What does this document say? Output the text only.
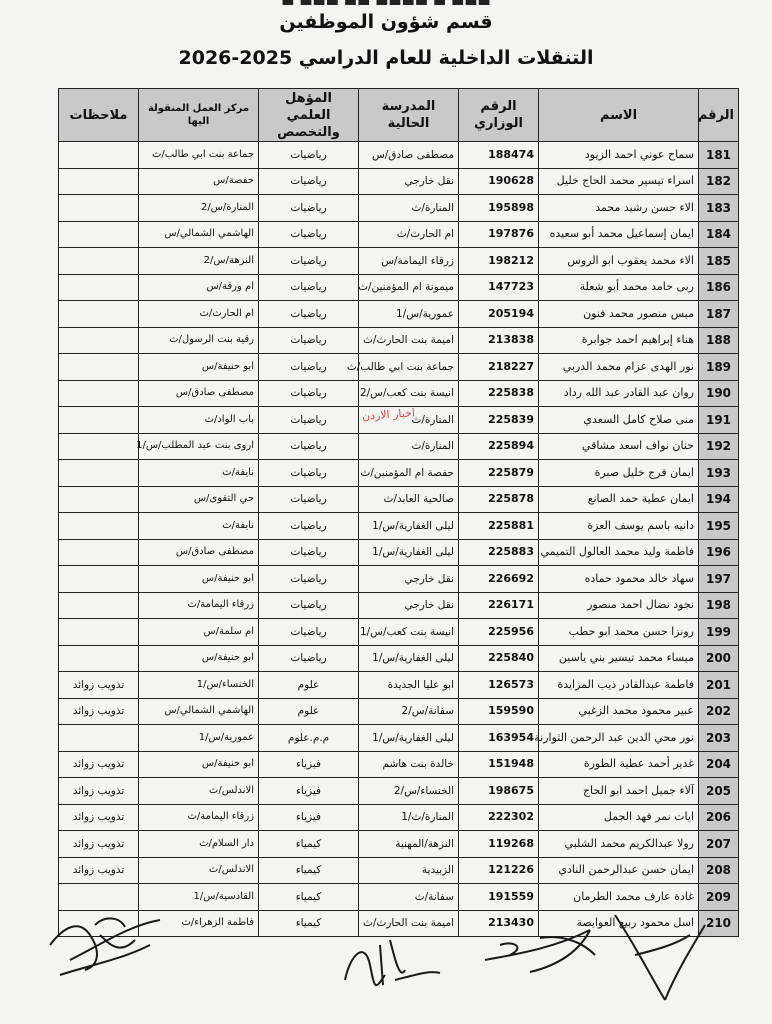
▬ ▬▬▬ ▬▬ ▬▬▬▬ ▬ ▬▬▬
قسم شؤون الموظفين
التنقلات الداخلية للعام الدراسي 2025-2026
الرقم	الاسم	الرقم الوزاري	المدرسة الحالية	المؤهل العلمي والتخصص	مركز العمل المنقولة اليها	ملاحظات
181	سماح عوني احمد الزيود	188474	مصطفى صادق/س	رياضيات	جماعة بنت ابي طالب/ث	
182	اسراء تيسير محمد الحاج خليل	190628	نقل خارجي	رياضيات	حفصة/س	
183	الاء حسن رشيد محمد	195898	المنارة/ث	رياضيات	المنارة/س/2	
184	ايمان إسماعيل محمد أبو سعيده	197876	ام الحارث/ث	رياضيات	الهاشمي الشمالي/س	
185	الاء محمد يعقوب ابو الروس	198212	زرقاء اليمامة/س	رياضيات	النزهة/س/2	
186	ربى حامد محمد أبو شعلة	147723	ميمونة ام المؤمنين/ث	رياضيات	ام ورقة/س	
187	ميس منصور محمد فنون	205194	عمورية/س/1	رياضيات	ام الحارث/ث	
188	هناء إبراهيم احمد جوابرة	213838	اميمة بنت الحارث/ث	رياضيات	رقية بنت الرسول/ث	
189	نور الهدى عزام محمد الدربي	218227	جماعة بنت ابي طالب/ث	رياضيات	ابو حنيفة/س	
190	روان عبد القادر عبد الله رداد	225838	انيسة بنت كعب/س/2	رياضيات	مصطفى صادق/س	
191	منى صلاح كامل السعدي	225839	المنارة/ث	رياضيات	باب الواد/ث	
192	حنان نواف اسعد مشاقي	225894	المنارة/ث	رياضيات	اروى بنت عبد المطلب/س/1	
193	ايمان فرج خليل صبرة	225879	حفصة ام المؤمنين/ث	رياضيات	نايفة/ث	
194	ايمان عطية حمد الصانع	225878	صالحية العابد/ث	رياضيات	حي التقوى/س	
195	دانيه باسم يوسف العزة	225881	ليلى الغفارية/س/1	رياضيات	نايفة/ث	
196	فاطمة وليد محمد العالول التميمي	225883	ليلى الغفارية/س/1	رياضيات	مصطفى صادق/س	
197	سهاد خالد محمود حماده	226692	نقل خارجي	رياضيات	ابو حنيفة/س	
198	نجود نضال احمد منصور	226171	نقل خارجي	رياضيات	زرقاء اليمامة/ث	
199	رونزا حسن محمد ابو حطب	225956	انيسة بنت كعب/س/1	رياضيات	ام سلمة/س	
200	ميساء محمد تيسير بني ياسين	225840	ليلى الغفارية/س/1	رياضيات	ابو حنيفة/س	
201	فاطمة عبدالقادر ذيب المزايدة	126573	ابو عليا الجديدة	علوم	الخنساء/س/1	تذويب زوائد
202	عبير محمود محمد الزغبي	159590	سفانة/س/2	علوم	الهاشمي الشمالي/س	تذويب زوائد
203	نور محي الدين عبد الرحمن الثوارنة	163954	ليلى الغفارية/س/1	م.م.علوم	عمورية/س/1	
204	غدير أحمد عطية الطورة	151948	خالدة بنت هاشم	فيزياء	ابو حنيفة/س	تذويب زوائد
205	آلاء جميل احمد ابو الحاج	198675	الخنساء/س/2	فيزياء	الاندلس/ث	تذويب زوائد
206	ايات نمر فهد الجمل	222302	المنارة/ث/1	فيزياء	زرقاء اليمامة/ث	تذويب زوائد
207	رولا عبدالكريم محمد الشلبي	119268	النزهة/المهنية	كيمياء	دار السلام/ث	تذويب زوائد
208	ايمان حسن عبدالرحمن النادي	121226	الزبيدية	كيمياء	الاندلس/ث	تذويب زوائد
209	غادة عارف محمد الطرمان	191559	سفانة/ث	كيمياء	القادسية/س/1	
210	اسل محمود ربيع العوايصة	213430	اميمة بنت الحارث/ث	كيمياء	فاطمة الزهراء/ث	
اخبار الاردن
